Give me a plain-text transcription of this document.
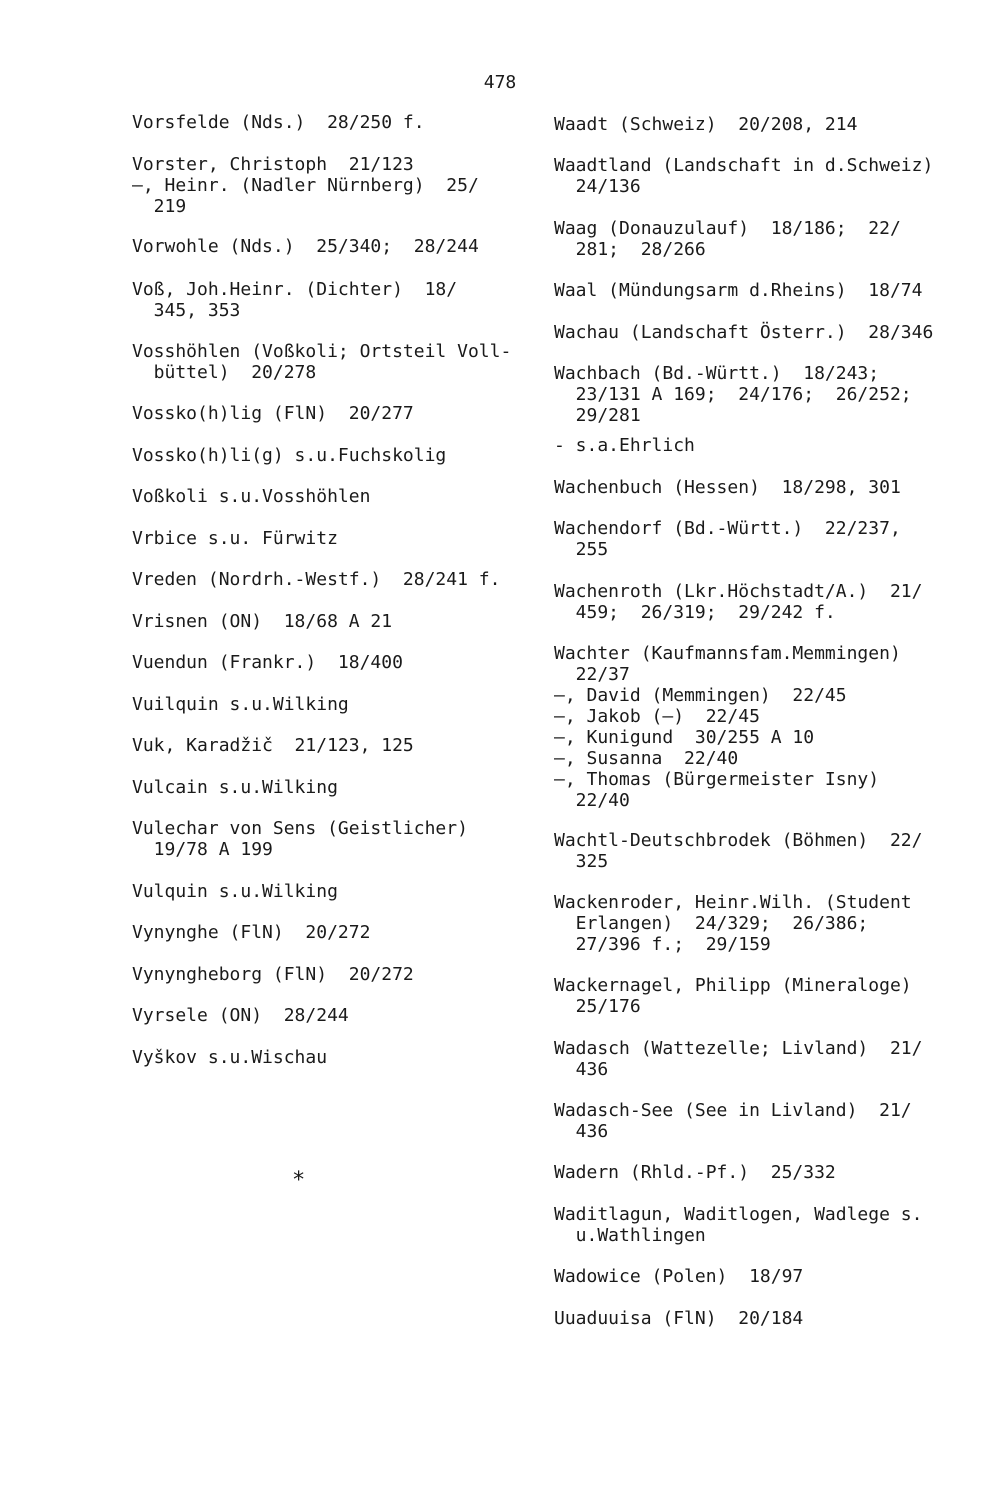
478
Vorsfelde (Nds.)  28/250 f.
Vorster, Christoph  21/123
—, Heinr. (Nadler Nürnberg)  25/
219
Vorwohle (Nds.)  25/340;  28/244
Voß, Joh.Heinr. (Dichter)  18/
345, 353
Vosshöhlen (Voßkoli; Ortsteil Voll-
büttel)  20/278
Vossko(h)lig (FlN)  20/277
Vossko(h)li(g) s.u.Fuchskolig
Voßkoli s.u.Vosshöhlen
Vrbice s.u. Fürwitz
Vreden (Nordrh.-Westf.)  28/241 f.
Vrisnen (ON)  18/68 A 21
Vuendun (Frankr.)  18/400
Vuilquin s.u.Wilking
Vuk, Karadžič  21/123, 125
Vulcain s.u.Wilking
Vulechar von Sens (Geistlicher)
19/78 A 199
Vulquin s.u.Wilking
Vynynghe (FlN)  20/272
Vynyngheborg (FlN)  20/272
Vyrsele (ON)  28/244
Vyškov s.u.Wischau
Waadt (Schweiz)  20/208, 214
Waadtland (Landschaft in d.Schweiz)
24/136
Waag (Donauzulauf)  18/186;  22/
281;  28/266
Waal (Mündungsarm d.Rheins)  18/74
Wachau (Landschaft Österr.)  28/346
Wachbach (Bd.-Württ.)  18/243;
23/131 A 169;  24/176;  26/252;
29/281
- s.a.Ehrlich
Wachenbuch (Hessen)  18/298, 301
Wachendorf (Bd.-Württ.)  22/237,
255
Wachenroth (Lkr.Höchstadt/A.)  21/
459;  26/319;  29/242 f.
Wachter (Kaufmannsfam.Memmingen)
22/37
—, David (Memmingen)  22/45
—, Jakob (—)  22/45
—, Kunigund  30/255 A 10
—, Susanna  22/40
—, Thomas (Bürgermeister Isny)
22/40
Wachtl-Deutschbrodek (Böhmen)  22/
325
Wackenroder, Heinr.Wilh. (Student
Erlangen)  24/329;  26/386;
27/396 f.;  29/159
Wackernagel, Philipp (Mineraloge)
25/176
Wadasch (Wattezelle; Livland)  21/
436
Wadasch-See (See in Livland)  21/
436
Wadern (Rhld.-Pf.)  25/332
Waditlagun, Waditlogen, Wadlege s.
u.Wathlingen
Wadowice (Polen)  18/97
Uuaduuisa (FlN)  20/184
*
